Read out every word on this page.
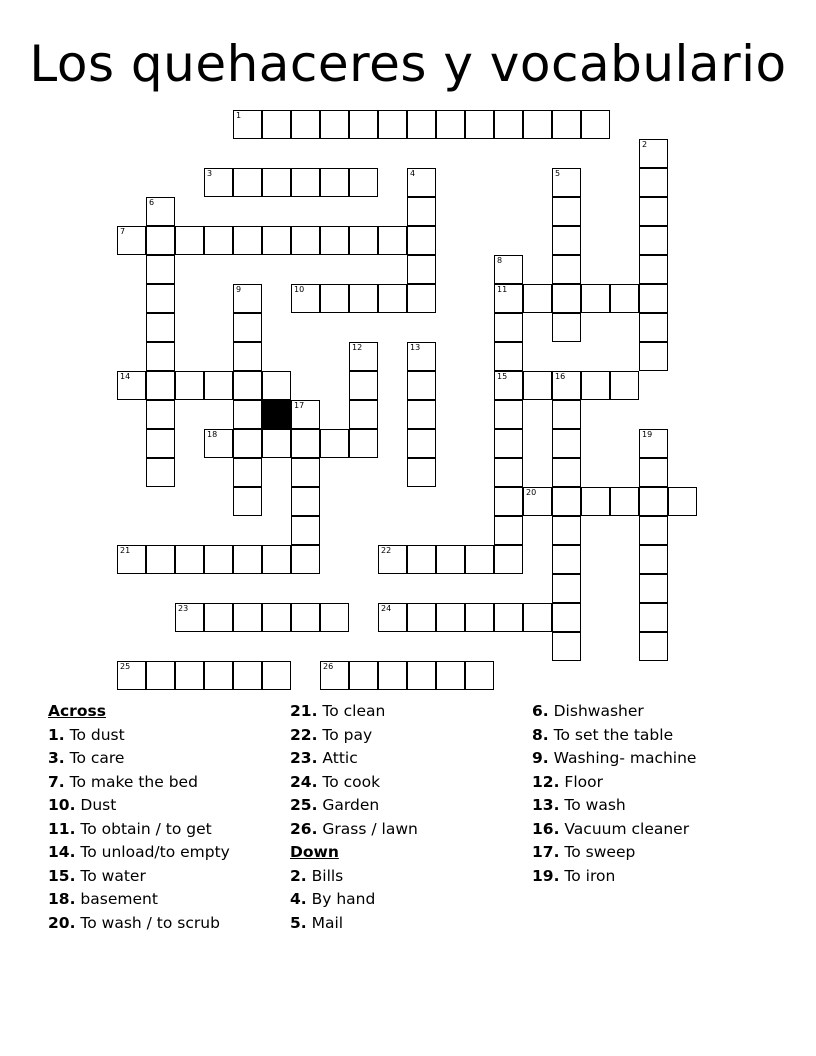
Los quehaceres y vocabulario
1
2
3	4	5
6
7
8
11
15
9	10
12	13
14	16
17
18	19
20
21	22
23	24
25	26
Across
1. To dust
3. To care
7. To make the bed
10. Dust
11. To obtain / to get
14. To unload/to empty
15. To water
18. basement
20. To wash / to scrub
21. To clean
22. To pay
23. Attic
24. To cook
25. Garden
26. Grass / lawn
Down
2. Bills
4. By hand
5. Mail
6. Dishwasher
8. To set the table
9. Washing- machine
12. Floor
13. To wash
16. Vacuum cleaner
17. To sweep
19. To iron
